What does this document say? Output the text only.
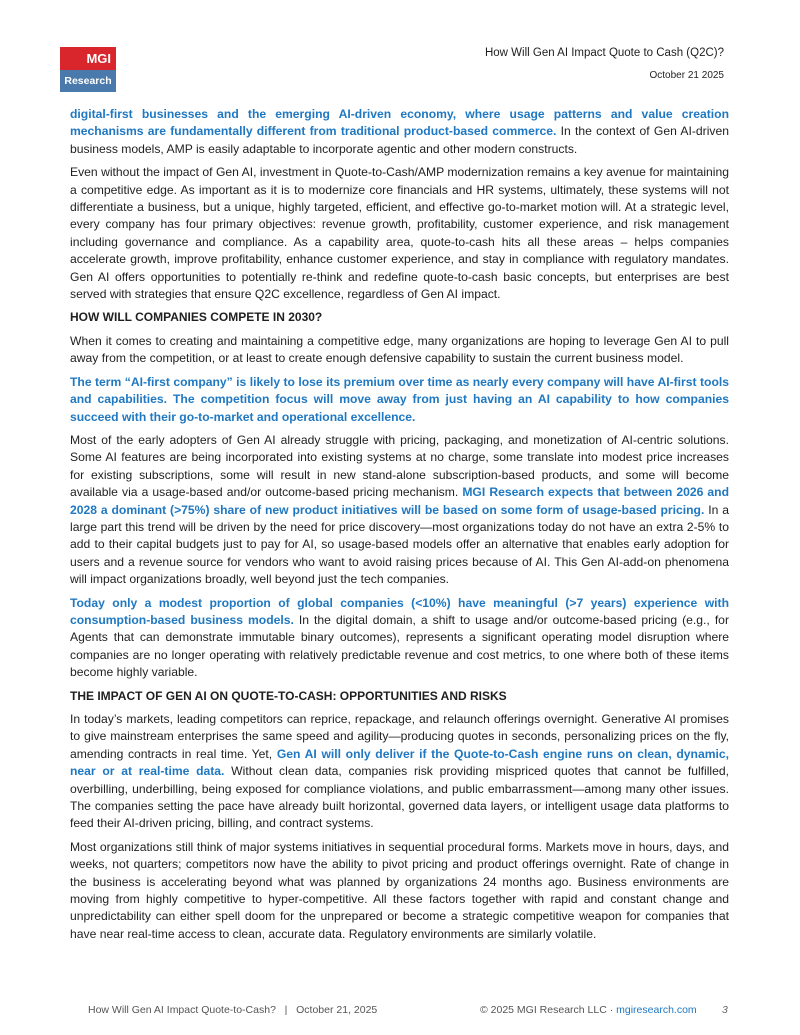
MGI
Research
How Will Gen AI Impact Quote to Cash (Q2C)?
October 21 2025

digital-first businesses and the emerging AI-driven economy, where usage patterns and value creation mechanisms are fundamentally different from traditional product-based commerce. In the context of Gen AI-driven business models, AMP is easily adaptable to incorporate agentic and other modern constructs.

Even without the impact of Gen AI, investment in Quote-to-Cash/AMP modernization remains a key avenue for maintaining a competitive edge. As important as it is to modernize core financials and HR systems, ultimately, these systems will not differentiate a business, but a unique, highly targeted, efficient, and effective go-to-market motion will. At a strategic level, every company has four primary objectives: revenue growth, profitability, customer experience, and risk management including governance and compliance. As a capability area, quote-to-cash hits all these areas – helps companies accelerate growth, improve profitability, enhance customer experience, and stay in compliance with regulatory mandates. Gen AI offers opportunities to potentially re-think and redefine quote-to-cash basic concepts, but enterprises are best served with strategies that ensure Q2C excellence, regardless of Gen AI impact.

HOW WILL COMPANIES COMPETE IN 2030?

When it comes to creating and maintaining a competitive edge, many organizations are hoping to leverage Gen AI to pull away from the competition, or at least to create enough defensive capability to sustain the current business model.

The term “AI-first company” is likely to lose its premium over time as nearly every company will have AI-first tools and capabilities. The competition focus will move away from just having an AI capability to how companies succeed with their go-to-market and operational excellence.

Most of the early adopters of Gen AI already struggle with pricing, packaging, and monetization of AI-centric solutions. Some AI features are being incorporated into existing systems at no charge, some translate into modest price increases for existing subscriptions, some will result in new stand-alone subscription-based products, and some will become available via a usage-based and/or outcome-based pricing mechanism. MGI Research expects that between 2026 and 2028 a dominant (>75%) share of new product initiatives will be based on some form of usage-based pricing. In a large part this trend will be driven by the need for price discovery—most organizations today do not have an extra 2-5% to add to their capital budgets just to pay for AI, so usage-based models offer an alternative that enables early adoption for users and a revenue source for vendors who want to avoid raising prices because of AI. This Gen AI-add-on phenomena will impact organizations broadly, well beyond just the tech companies.

Today only a modest proportion of global companies (<10%) have meaningful (>7 years) experience with consumption-based business models. In the digital domain, a shift to usage and/or outcome-based pricing (e.g., for Agents that can demonstrate immutable binary outcomes), represents a significant operating model disruption where companies are no longer operating with relatively predictable revenue and cost metrics, to one where both of these items become highly variable.

THE IMPACT OF GEN AI ON QUOTE-TO-CASH: OPPORTUNITIES AND RISKS

In today’s markets, leading competitors can reprice, repackage, and relaunch offerings overnight. Generative AI promises to give mainstream enterprises the same speed and agility—producing quotes in seconds, personalizing prices on the fly, amending contracts in real time. Yet, Gen AI will only deliver if the Quote-to-Cash engine runs on clean, dynamic, near or at real-time data. Without clean data, companies risk providing mispriced quotes that cannot be fulfilled, overbilling, underbilling, being exposed for compliance violations, and public embarrassment—among many other issues. The companies setting the pace have already built horizontal, governed data layers, or intelligent usage data platforms to feed their AI-driven pricing, billing, and contract systems.

Most organizations still think of major systems initiatives in sequential procedural forms. Markets move in hours, days, and weeks, not quarters; competitors now have the ability to pivot pricing and product offerings overnight. Rate of change in the business is accelerating beyond what was planned by organizations 24 months ago. Business environments are moving from highly competitive to hyper-competitive. All these factors together with rapid and constant change and unpredictability can either spell doom for the unprepared or become a strategic competitive weapon for companies that have near real-time access to clean, accurate data. Regulatory environments are similarly volatile.

How Will Gen AI Impact Quote-to-Cash?   |   October 21, 2025	© 2025 MGI Research LLC · mgiresearch.com 3
